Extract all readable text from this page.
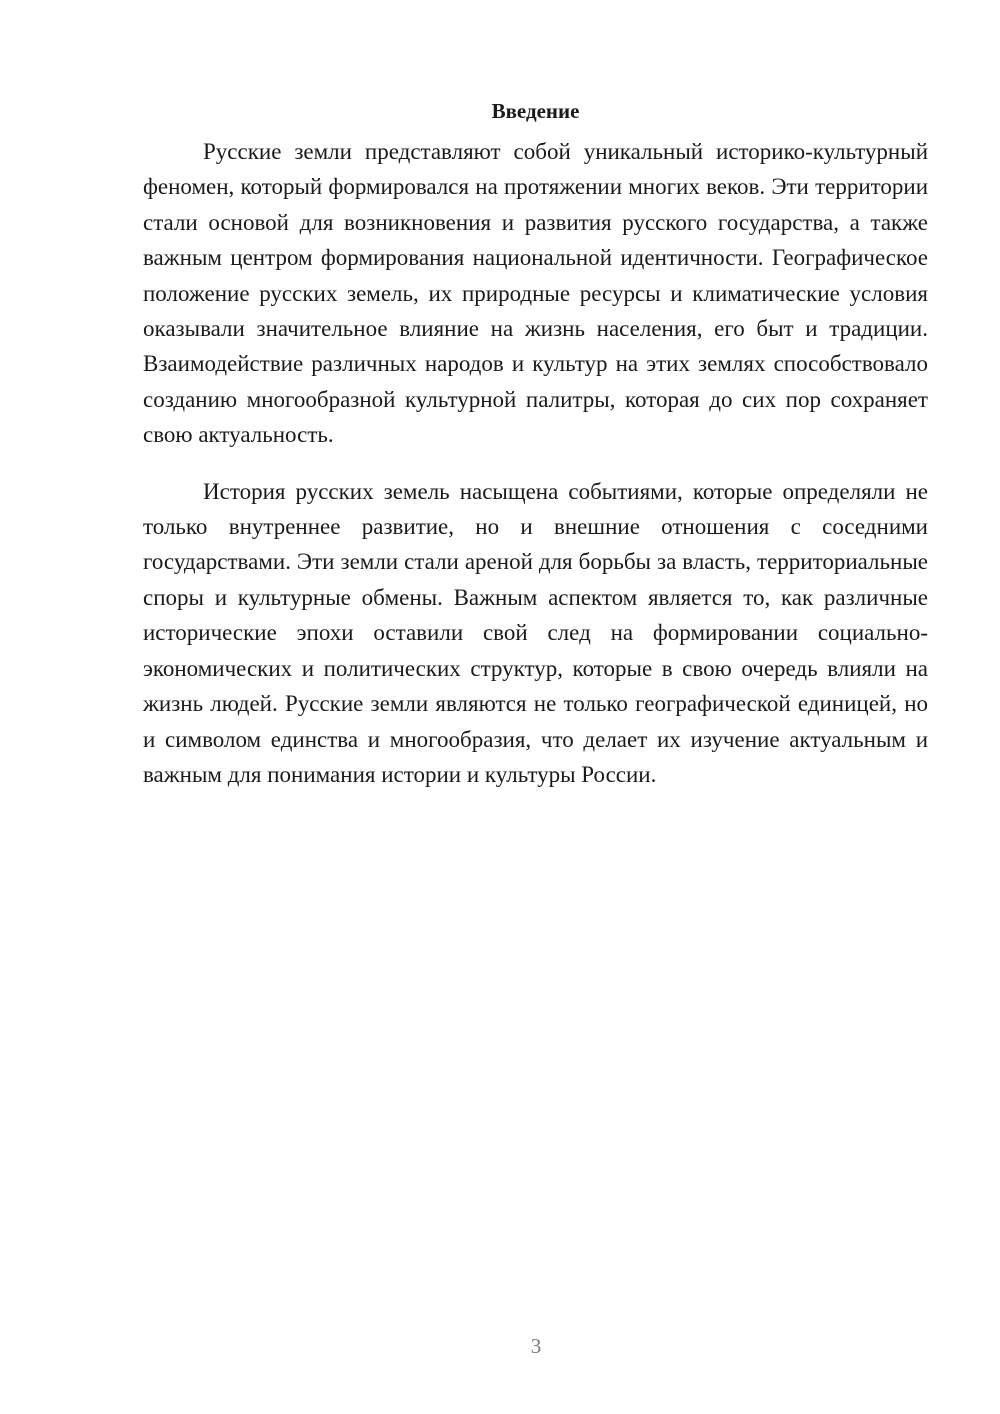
Введение

Русские земли представляют собой уникальный историко-культурный феномен, который формировался на протяжении многих веков. Эти территории стали основой для возникновения и развития русского государства, а также важным центром формирования национальной идентичности. Географическое положение русских земель, их природные ресурсы и климатические условия оказывали значительное влияние на жизнь населения, его быт и традиции. Взаимодействие различных народов и культур на этих землях способствовало созданию многообразной культурной палитры, которая до сих пор сохраняет свою актуальность.

История русских земель насыщена событиями, которые определяли не только внутреннее развитие, но и внешние отношения с соседними государствами. Эти земли стали ареной для борьбы за власть, территориальные споры и культурные обмены. Важным аспектом является то, как различные исторические эпохи оставили свой след на формировании социально-экономических и политических структур, которые в свою очередь влияли на жизнь людей. Русские земли являются не только географической единицей, но и символом единства и многообразия, что делает их изучение актуальным и важным для понимания истории и культуры России.

3
